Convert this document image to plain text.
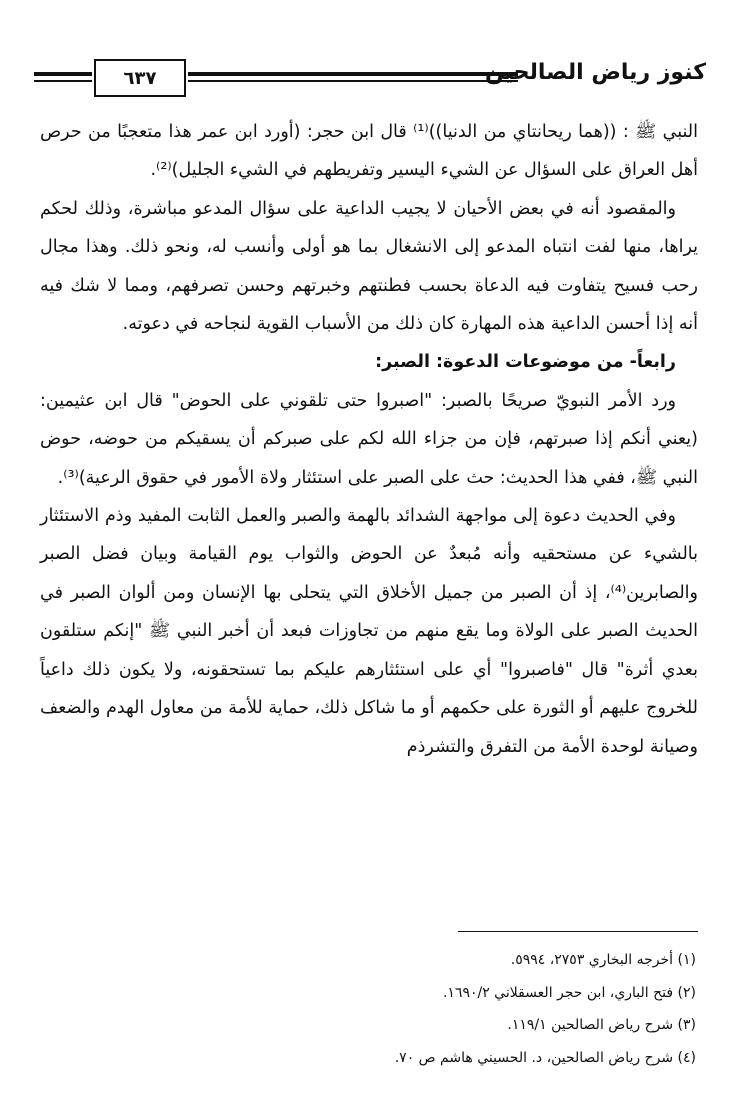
٦٣٧	كنوز رياض الصالحين

النبي ﷺ : ((هما ريحانتاي من الدنيا))⁽¹⁾ قال ابن حجر: (أورد ابن عمر هذا متعجبًا من حرص أهل العراق على السؤال عن الشيء اليسير وتفريطهم في الشيء الجليل)⁽²⁾.

والمقصود أنه في بعض الأحيان لا يجيب الداعية على سؤال المدعو مباشرة، وذلك لحكم يراها، منها لفت انتباه المدعو إلى الانشغال بما هو أولى وأنسب له، ونحو ذلك. وهذا مجال رحب فسيح يتفاوت فيه الدعاة بحسب فطنتهم وخبرتهم وحسن تصرفهم، ومما لا شك فيه أنه إذا أحسن الداعية هذه المهارة كان ذلك من الأسباب القوية لنجاحه في دعوته.

رابعاً- من موضوعات الدعوة: الصبر:

ورد الأمر النبويّ صريحًا بالصبر: "اصبروا حتى تلقوني على الحوض" قال ابن عثيمين: (يعني أنكم إذا صبرتهم، فإن من جزاء الله لكم على صبركم أن يسقيكم من حوضه، حوض النبي ﷺ، ففي هذا الحديث: حث على الصبر على استئثار ولاة الأمور في حقوق الرعية)⁽³⁾.

وفي الحديث دعوة إلى مواجهة الشدائد بالهمة والصبر والعمل الثابت المفيد وذم الاستئثار بالشيء عن مستحقيه وأنه مُبعدٌ عن الحوض والثواب يوم القيامة وبيان فضل الصبر والصابرين⁽⁴⁾، إذ أن الصبر من جميل الأخلاق التي يتحلى بها الإنسان ومن ألوان الصبر في الحديث الصبر على الولاة وما يقع منهم من تجاوزات فبعد أن أخبر النبي ﷺ "إنكم ستلقون بعدي أثرة" قال "فاصبروا" أي على استئثارهم عليكم بما تستحقونه، ولا يكون ذلك داعياً للخروج عليهم أو الثورة على حكمهم أو ما شاكل ذلك، حماية للأمة من معاول الهدم والضعف وصيانة لوحدة الأمة من التفرق والتشرذم

(١) أخرجه البخاري ٢٧٥٣، ٥٩٩٤.
(٢) فتح الباري، ابن حجر العسقلاني ١٦٩٠/٢.
(٣) شرح رياض الصالحين ١١٩/١.
(٤) شرح رياض الصالحين، د. الحسيني هاشم ص ٧٠.
